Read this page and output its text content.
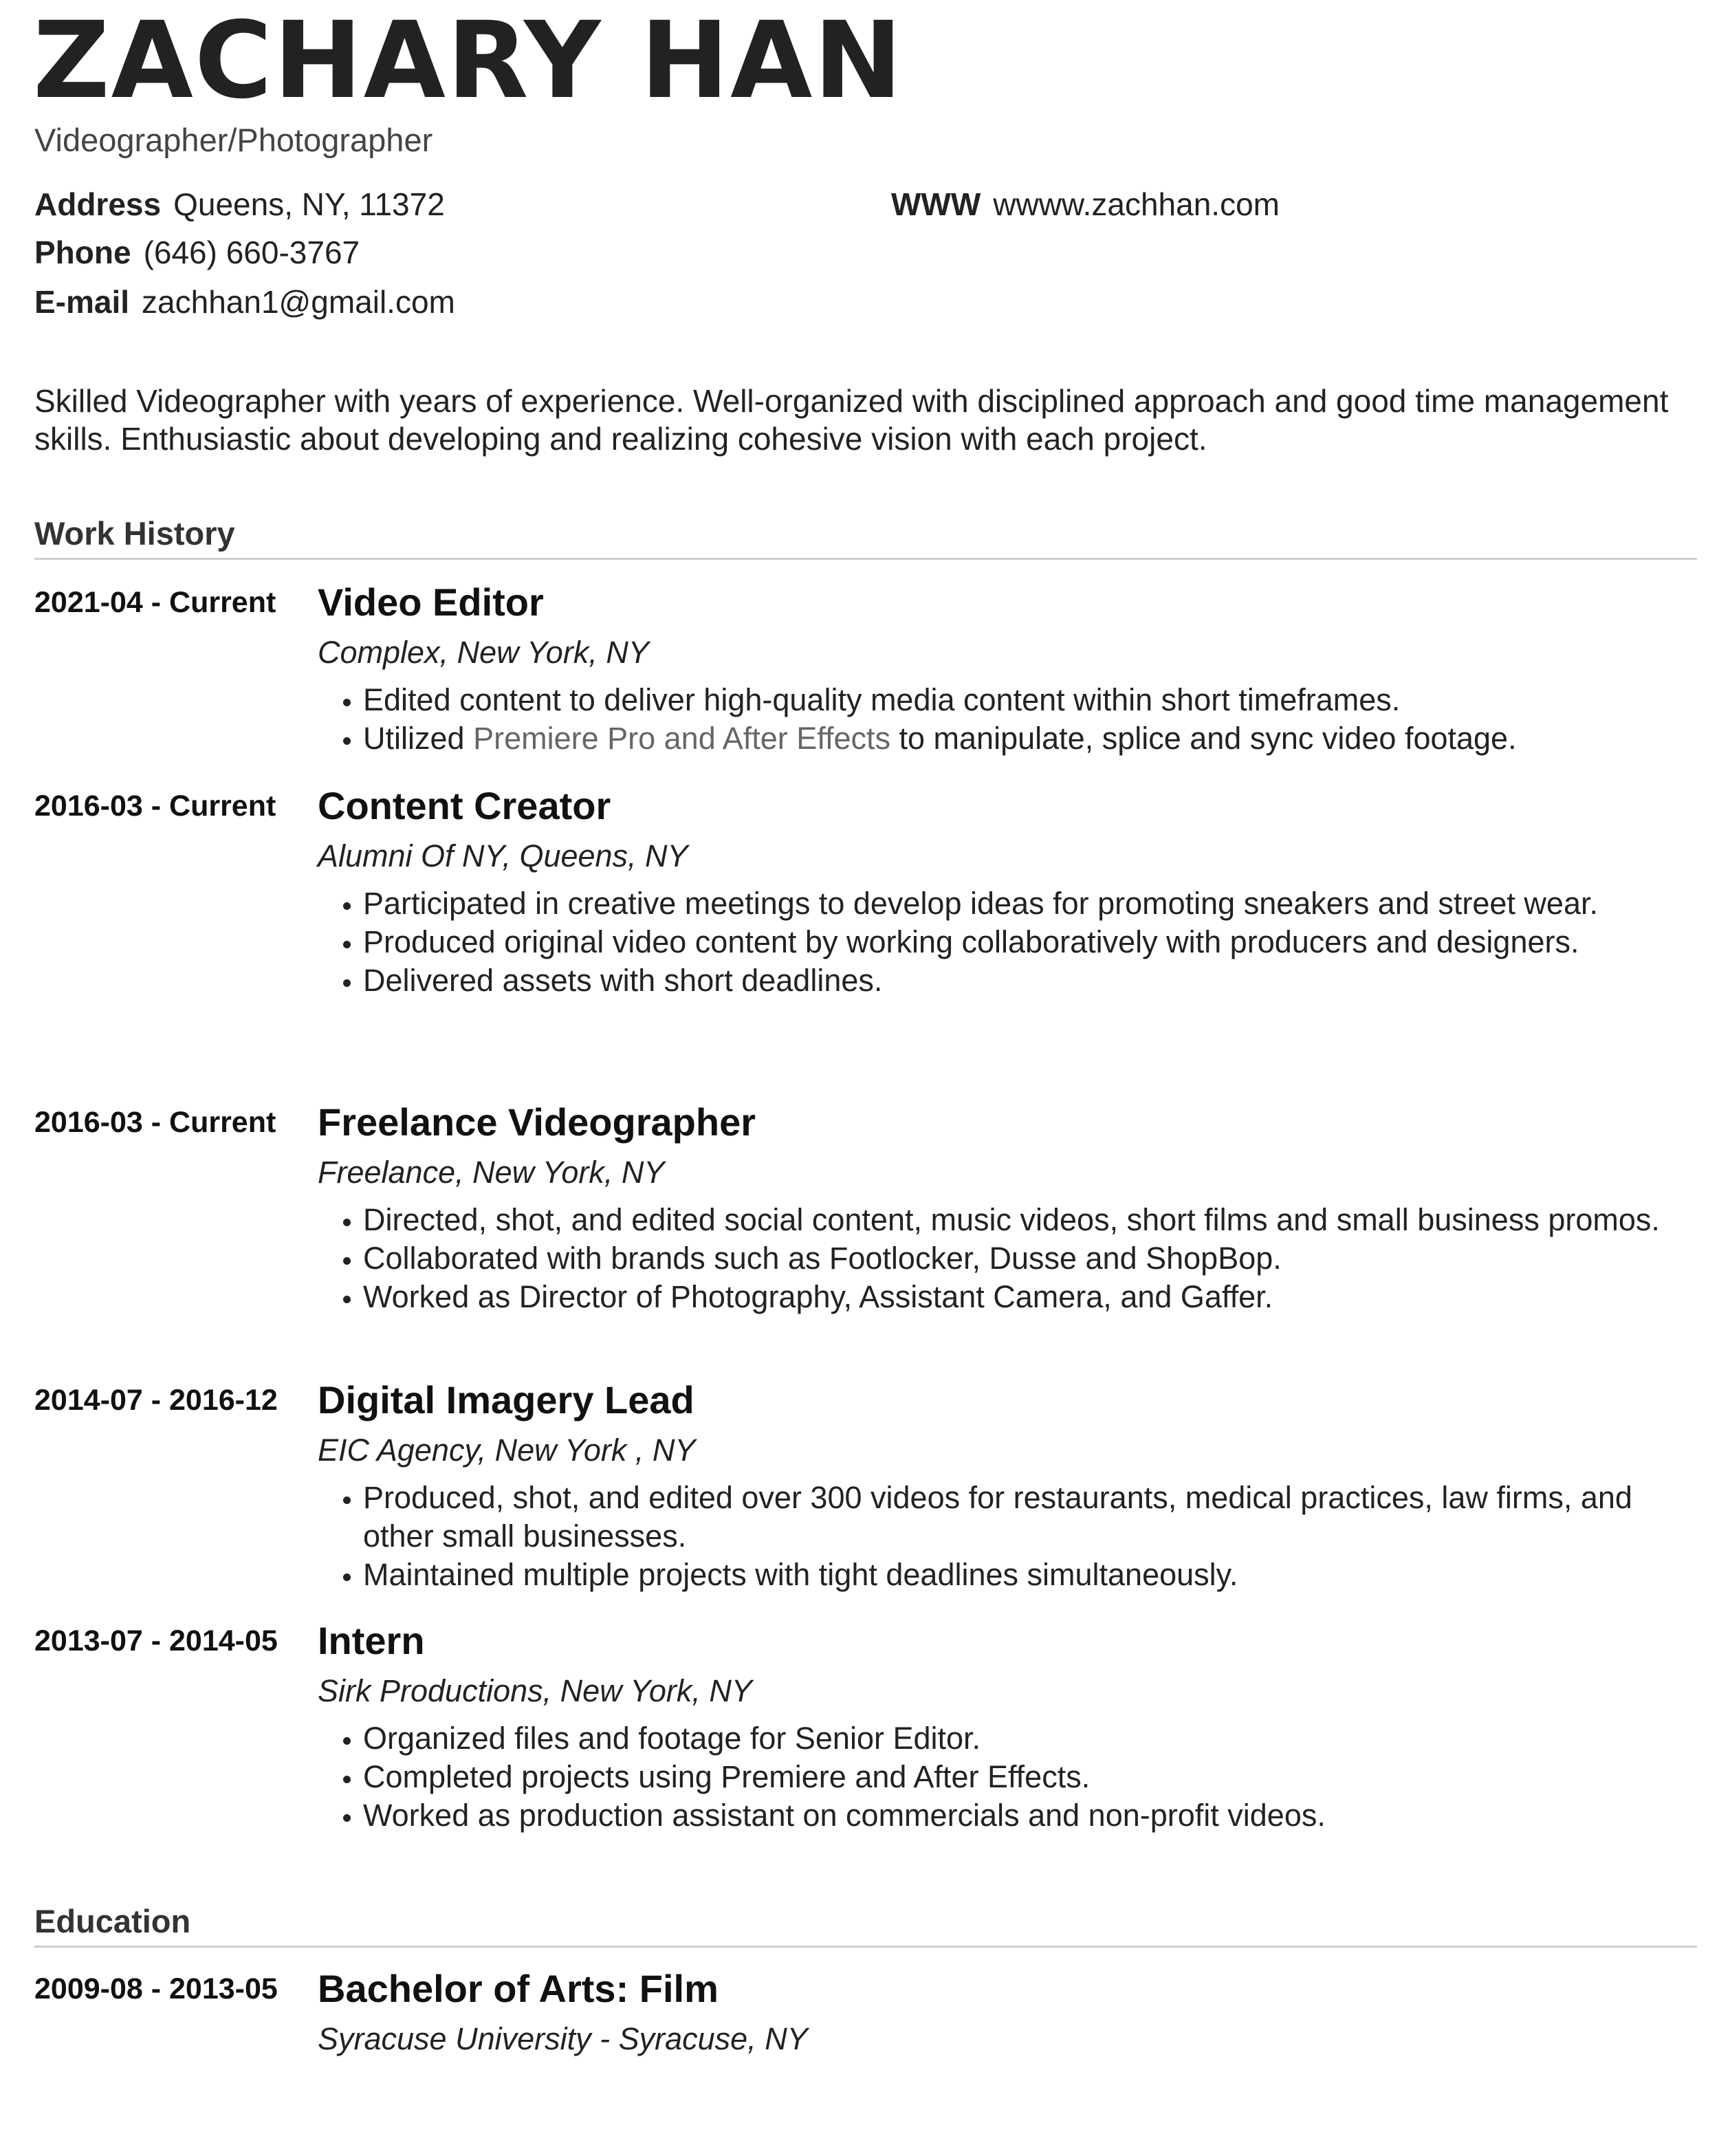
ZACHARY HAN

Videographer/Photographer

Address Queens, NY, 11372
Phone (646) 660-3767
E-mail zachhan1@gmail.com
WWW wwww.zachhan.com

Skilled Videographer with years of experience. Well-organized with disciplined approach and good time management skills. Enthusiastic about developing and realizing cohesive vision with each project.

Work History
2021-04 - Current Video Editor

Complex, New York, NY

• Edited content to deliver high-quality media content within short timeframes.
• Utilized Premiere Pro and After Effects to manipulate, splice and sync video footage.
2016-03 - Current Content Creator

Alumni Of NY, Queens, NY

• Participated in creative meetings to develop ideas for promoting sneakers and street wear.
• Produced original video content by working collaboratively with producers and designers.
• Delivered assets with short deadlines.
2016-03 - Current Freelance Videographer

Freelance, New York, NY

• Directed, shot, and edited social content, music videos, short films and small business promos.
• Collaborated with brands such as Footlocker, Dusse and ShopBop.
• Worked as Director of Photography, Assistant Camera, and Gaffer.
2014-07 - 2016-12 Digital Imagery Lead

EIC Agency, New York , NY

• Produced, shot, and edited over 300 videos for restaurants, medical practices, law firms, and other small businesses.
• Maintained multiple projects with tight deadlines simultaneously.
2013-07 - 2014-05 Intern

Sirk Productions, New York, NY

• Organized files and footage for Senior Editor.
• Completed projects using Premiere and After Effects.
• Worked as production assistant on commercials and non-profit videos.
Education
2009-08 - 2013-05 Bachelor of Arts: Film

Syracuse University - Syracuse, NY
